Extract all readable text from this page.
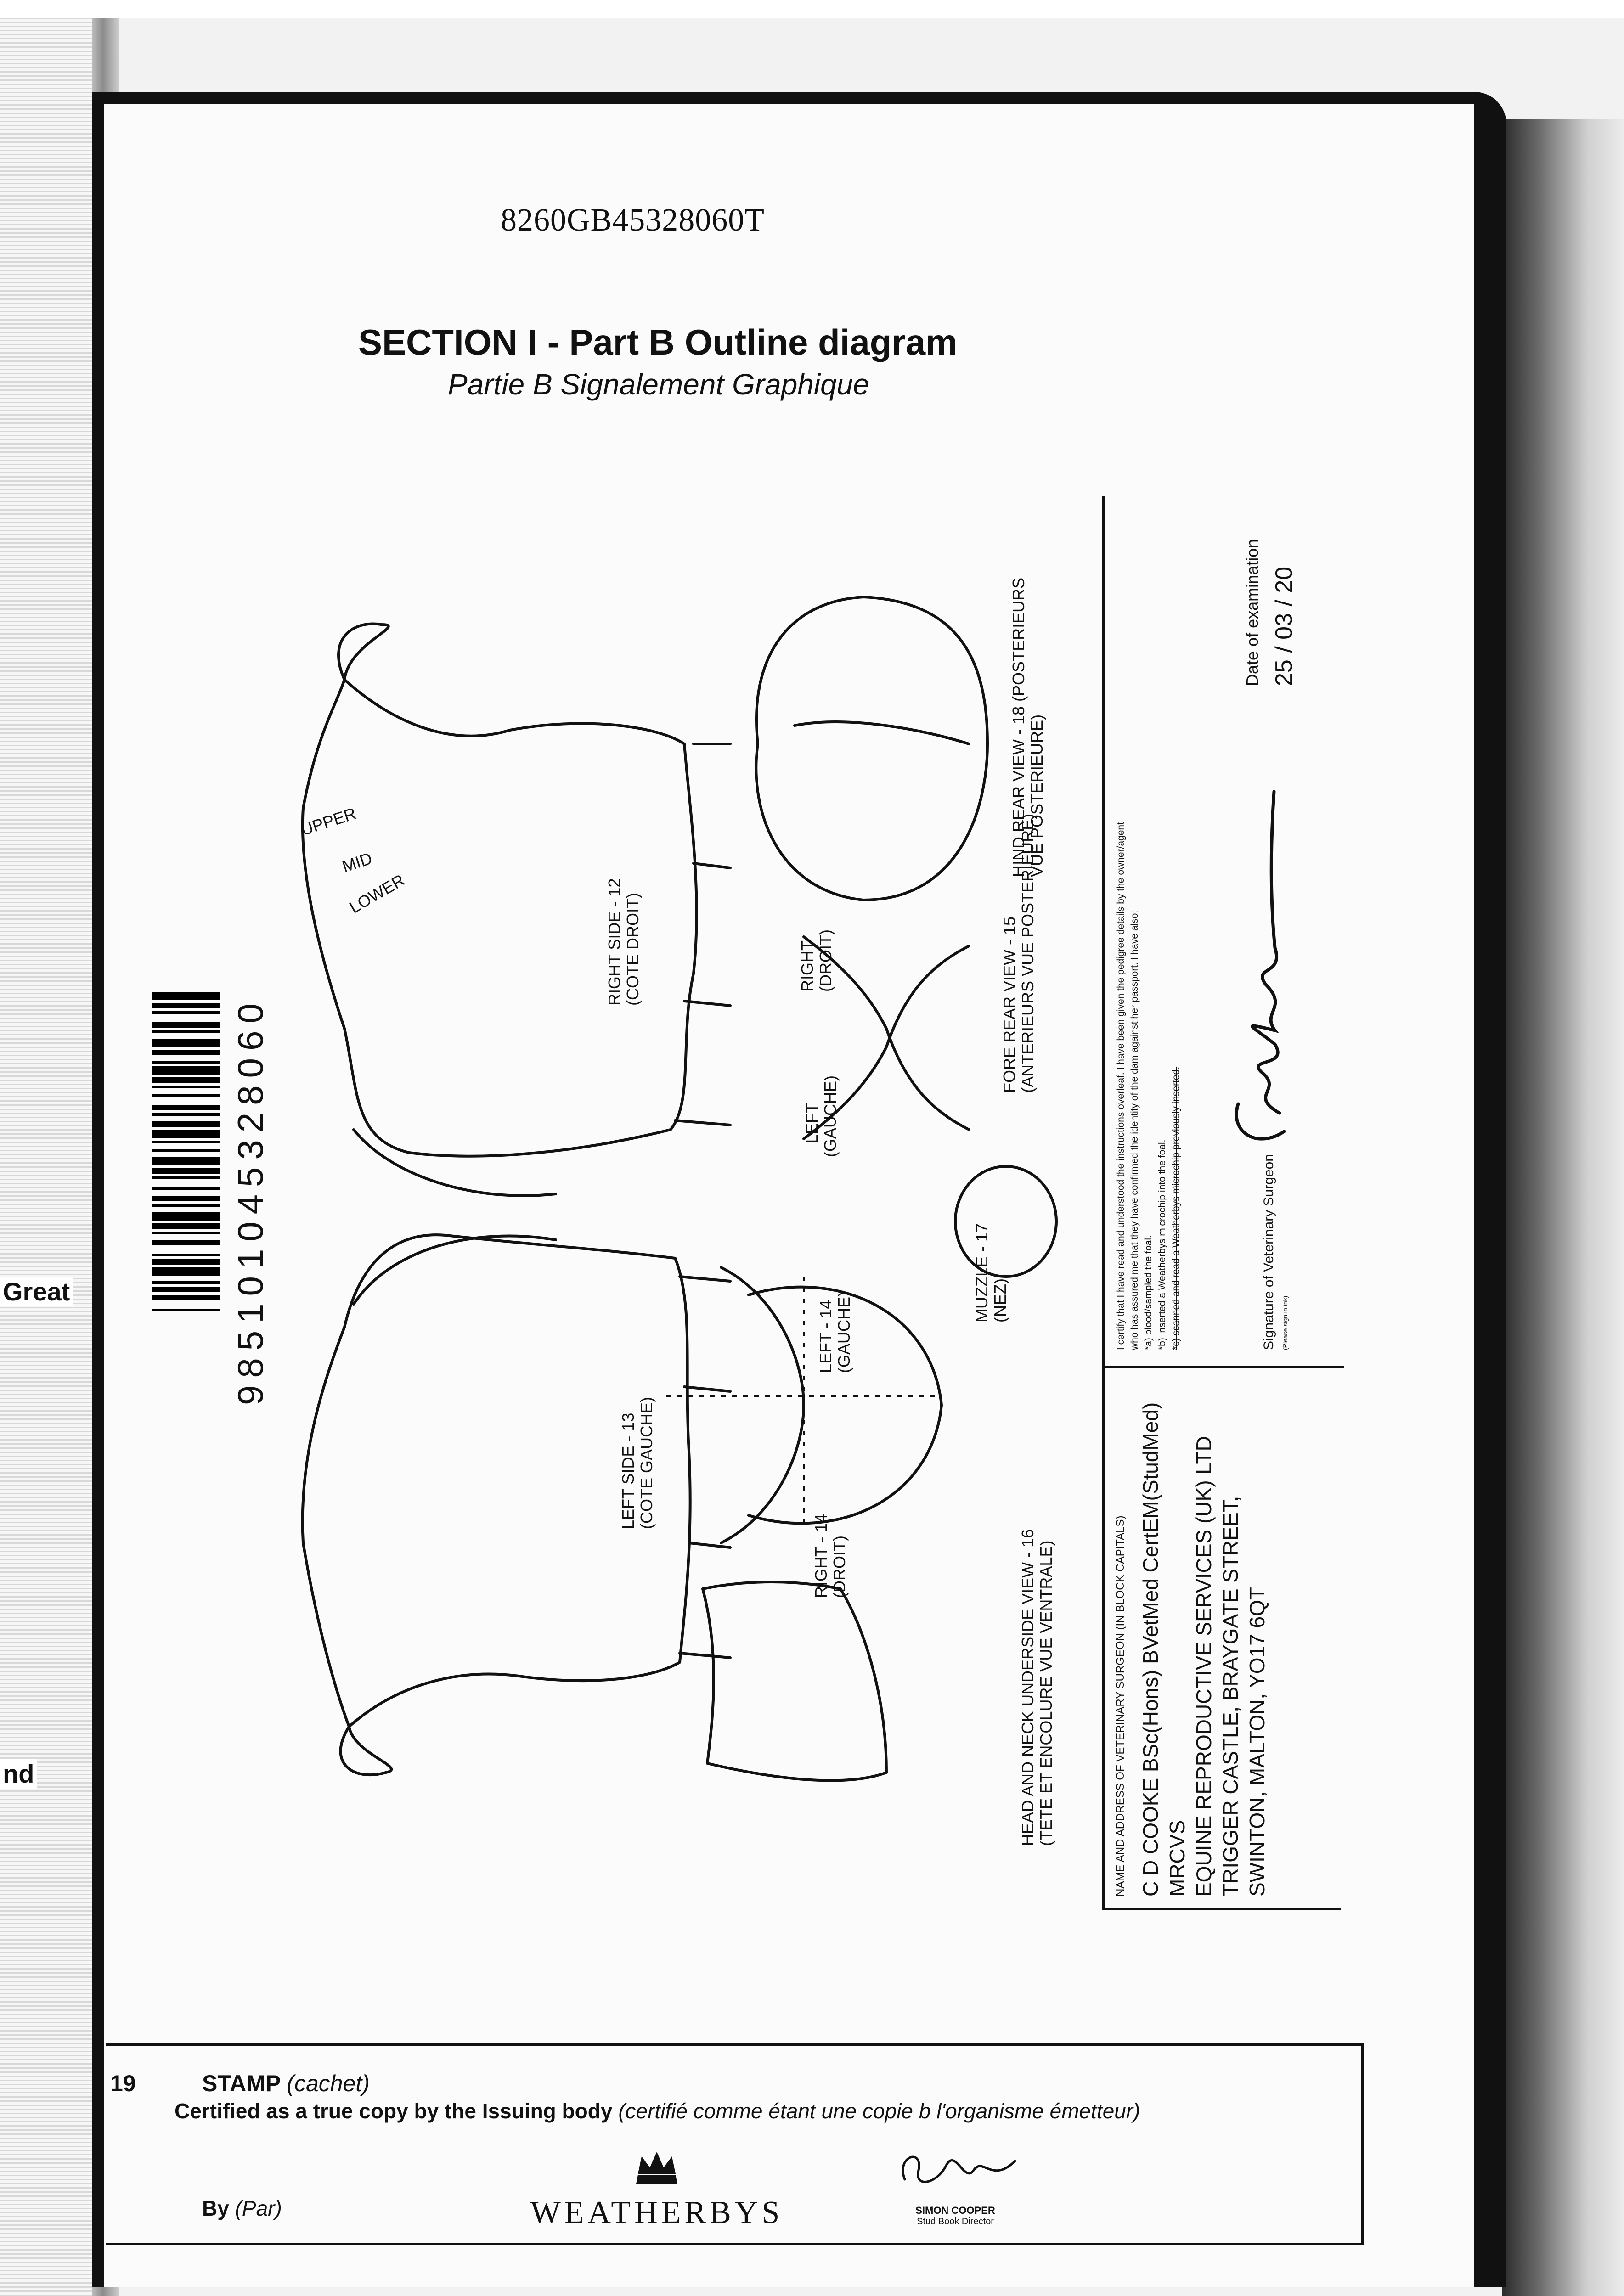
Great
nd
8260GB45328060T
SECTION I - Part B Outline diagram
Partie B Signalement Graphique
UPPER
MID
LOWER	RIGHT SIDE - 12 (COTE DROIT)
LEFT SIDE - 13 (COTE GAUCHE)
LEFT - 14 (GAUCHE)
RIGHT - 14 (DROIT)
FORE REAR VIEW - 15 (ANTERIEURS VUE POSTERIEURE)
HIND REAR VIEW - 18 (POSTERIEURS VUE POSTERIEURE)
MUZZLE - 17 (NEZ)
HEAD AND NECK UNDERSIDE VIEW - 16 (TETE ET ENCOLURE VUE VENTRALE)
LEFT (GAUCHE)
RIGHT (DROIT)
985101045328060
NAME AND ADDRESS OF VETERINARY SURGEON (IN BLOCK CAPITALS) C D COOKE BSc(Hons) BVetMed CertEM(StudMed) MRCVS EQUINE REPRODUCTIVE SERVICES (UK) LTD TRIGGER CASTLE, BRAYGATE STREET, SWINTON, MALTON, YO17 6QT
I certify that I have read and understood the instructions overleaf. I have been given the pedigree details by the owner/agent who has assured me that they have confirmed the identity of the dam against her passport. I have also: *a) blood/sampled the foal. *b) inserted a Weatherbys microchip into the foal. *c) scanned and read a Weatherbys microchip previously inserted.	Signature of Veterinary Surgeon (Please sign in ink)
Date of examination 25 / 03 / 20
19	STAMP (cachet)
Certified as a true copy by the Issuing body (certifié comme étant une copie b l'organisme émetteur)
By (Par)	WEATHERBYS	SIMON COOPER
Stud Book Director
